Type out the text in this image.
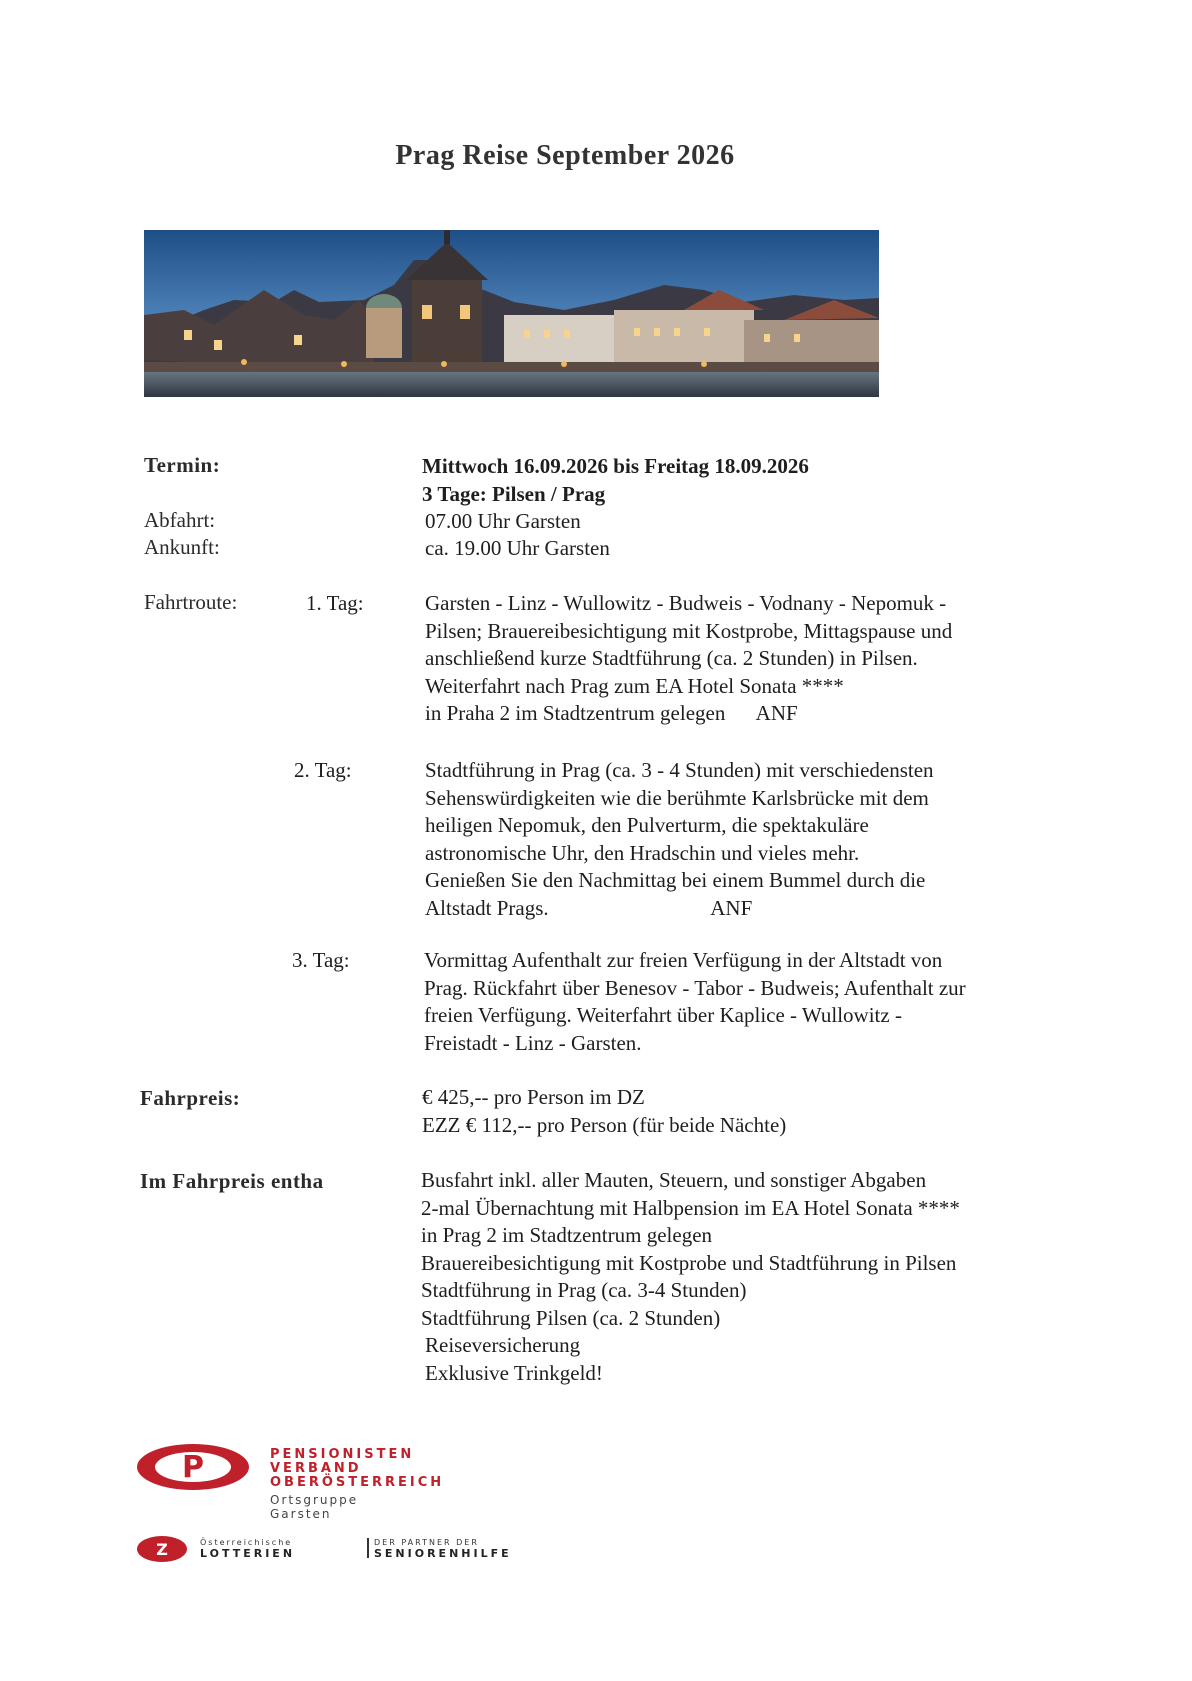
Prag Reise September 2026
Termin:	Mittwoch 16.09.2026 bis Freitag 18.09.2026
3 Tage: Pilsen / Prag
Abfahrt:	07.00 Uhr Garsten
Ankunft:	ca. 19.00 Uhr Garsten
Fahrtroute:	1. Tag:	Garsten - Linz - Wullowitz - Budweis - Vodnany - Nepomuk -
Pilsen; Brauereibesichtigung mit Kostprobe, Mittagspause und
anschließend kurze Stadtführung (ca. 2 Stunden) in Pilsen.
Weiterfahrt nach Prag zum EA Hotel Sonata ****
in Praha 2 im Stadtzentrum gelegen      ANF
2. Tag:	Stadtführung in Prag (ca. 3 - 4 Stunden) mit verschiedensten
Sehenswürdigkeiten wie die berühmte Karlsbrücke mit dem
heiligen Nepomuk, den Pulverturm, die spektakuläre
astronomische Uhr, den Hradschin und vieles mehr.
Genießen Sie den Nachmittag bei einem Bummel durch die
Altstadt Prags.                               ANF
3. Tag:	Vormittag Aufenthalt zur freien Verfügung in der Altstadt von
Prag. Rückfahrt über Benesov - Tabor - Budweis; Aufenthalt zur
freien Verfügung. Weiterfahrt über Kaplice - Wullowitz -
Freistadt - Linz - Garsten.
Fahrpreis:	€ 425,-- pro Person im DZ
EZZ € 112,-- pro Person (für beide Nächte)
Im Fahrpreis entha	Busfahrt inkl. aller Mauten, Steuern, und sonstiger Abgaben
2-mal Übernachtung mit Halbpension im EA Hotel Sonata ****
in Prag 2 im Stadtzentrum gelegen
Brauereibesichtigung mit Kostprobe und Stadtführung in Pilsen
Stadtführung in Prag (ca. 3-4 Stunden)
Stadtführung Pilsen (ca. 2 Stunden)
Reiseversicherung
Exklusive Trinkgeld!
P	PENSIONISTEN
VERBAND
OBERÖSTERREICH
Ortsgruppe
Garsten
Z	Österreichische
LOTTERIEN
DER PARTNER DER
SENIORENHILFE
